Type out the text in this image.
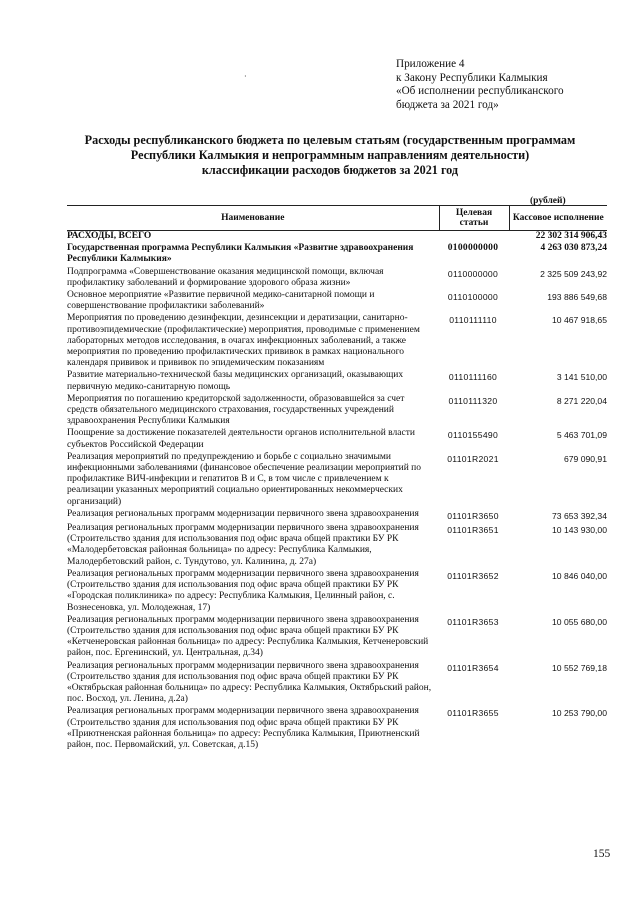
·
Приложение 4
к Закону Республики Калмыкия
«Об исполнении республиканского
бюджета за 2021 год»
Расходы республиканского бюджета по целевым статьям (государственным программам
Республики Калмыкия и непрограммным направлениям деятельности)
классификации расходов бюджетов за 2021 год
(рублей)
Наименование	Целевая статьи	Кассовое исполнение
РАСХОДЫ, ВСЕГО		22 302 314 906,43
Государственная программа Республики Калмыкия «Развитие здравоохранения Республики Калмыкия»	0100000000	4 263 030 873,24
Подпрограмма «Совершенствование оказания медицинской помощи, включая профилактику заболеваний и формирование здорового образа жизни»	0110000000	2 325 509 243,92
Основное мероприятие «Развитие первичной медико-санитарной помощи и совершенствование профилактики заболеваний»	0110100000	193 886 549,68
Мероприятия по проведению дезинфекции, дезинсекции и дератизации, санитарно-противоэпидемические (профилактические) мероприятия, проводимые с применением лабораторных методов исследования, в очагах инфекционных заболеваний, а также мероприятия по проведению профилактических прививок в рамках национального календаря прививок и прививок по эпидемическим показаниям	0110111110	10 467 918,65
Развитие материально-технической базы медицинских организаций, оказывающих первичную медико-санитарную помощь	0110111160	3 141 510,00
Мероприятия по погашению кредиторской задолженности, образовавшейся за счет средств обязательного медицинского страхования, государственных учреждений здравоохранения Республики Калмыкия	0110111320	8 271 220,04
Поощрение за достижение показателей деятельности органов исполнительной власти субъектов Российской Федерации	0110155490	5 463 701,09
Реализация мероприятий по предупреждению и борьбе с социально значимыми инфекционными заболеваниями (финансовое обеспечение реализации мероприятий по профилактике ВИЧ-инфекции и гепатитов В и С, в том числе с привлечением к реализации указанных мероприятий социально ориентированных некоммерческих организаций)	01101R2021	679 090,91
Реализация региональных программ модернизации первичного звена здравоохранения	01101R3650	73 653 392,34
Реализация региональных программ модернизации первичного звена здравоохранения (Строительство здания для использования под офис врача общей практики БУ РК «Малодербетовская районная больница» по адресу: Республика Калмыкия, Малодербетовский район, с. Тундутово, ул. Калинина, д. 27а)	01101R3651	10 143 930,00
Реализация региональных программ модернизации первичного звена здравоохранения (Строительство здания для использования под офис врача общей практики БУ РК «Городская поликлиника» по адресу: Республика Калмыкия, Целинный район, с. Вознесеновка, ул. Молодежная, 17)	01101R3652	10 846 040,00
Реализация региональных программ модернизации первичного звена здравоохранения (Строительство здания для использования под офис врача общей практики БУ РК «Кетченеровская районная больница» по адресу: Республика Калмыкия, Кетченеровский район, пос. Ергенинский, ул. Центральная, д.34)	01101R3653	10 055 680,00
Реализация региональных программ модернизации первичного звена здравоохранения (Строительство здания для использования под офис врача общей практики БУ РК «Октябрьская районная больница» по адресу: Республика Калмыкия, Октябрьский район, пос. Восход, ул. Ленина, д.2а)	01101R3654	10 552 769,18
Реализация региональных программ модернизации первичного звена здравоохранения (Строительство здания для использования под офис врача общей практики БУ РК «Приютненская районная больница» по адресу: Республика Калмыкия, Приютненский район, пос. Первомайский, ул. Советская, д.15)	01101R3655	10 253 790,00
155
